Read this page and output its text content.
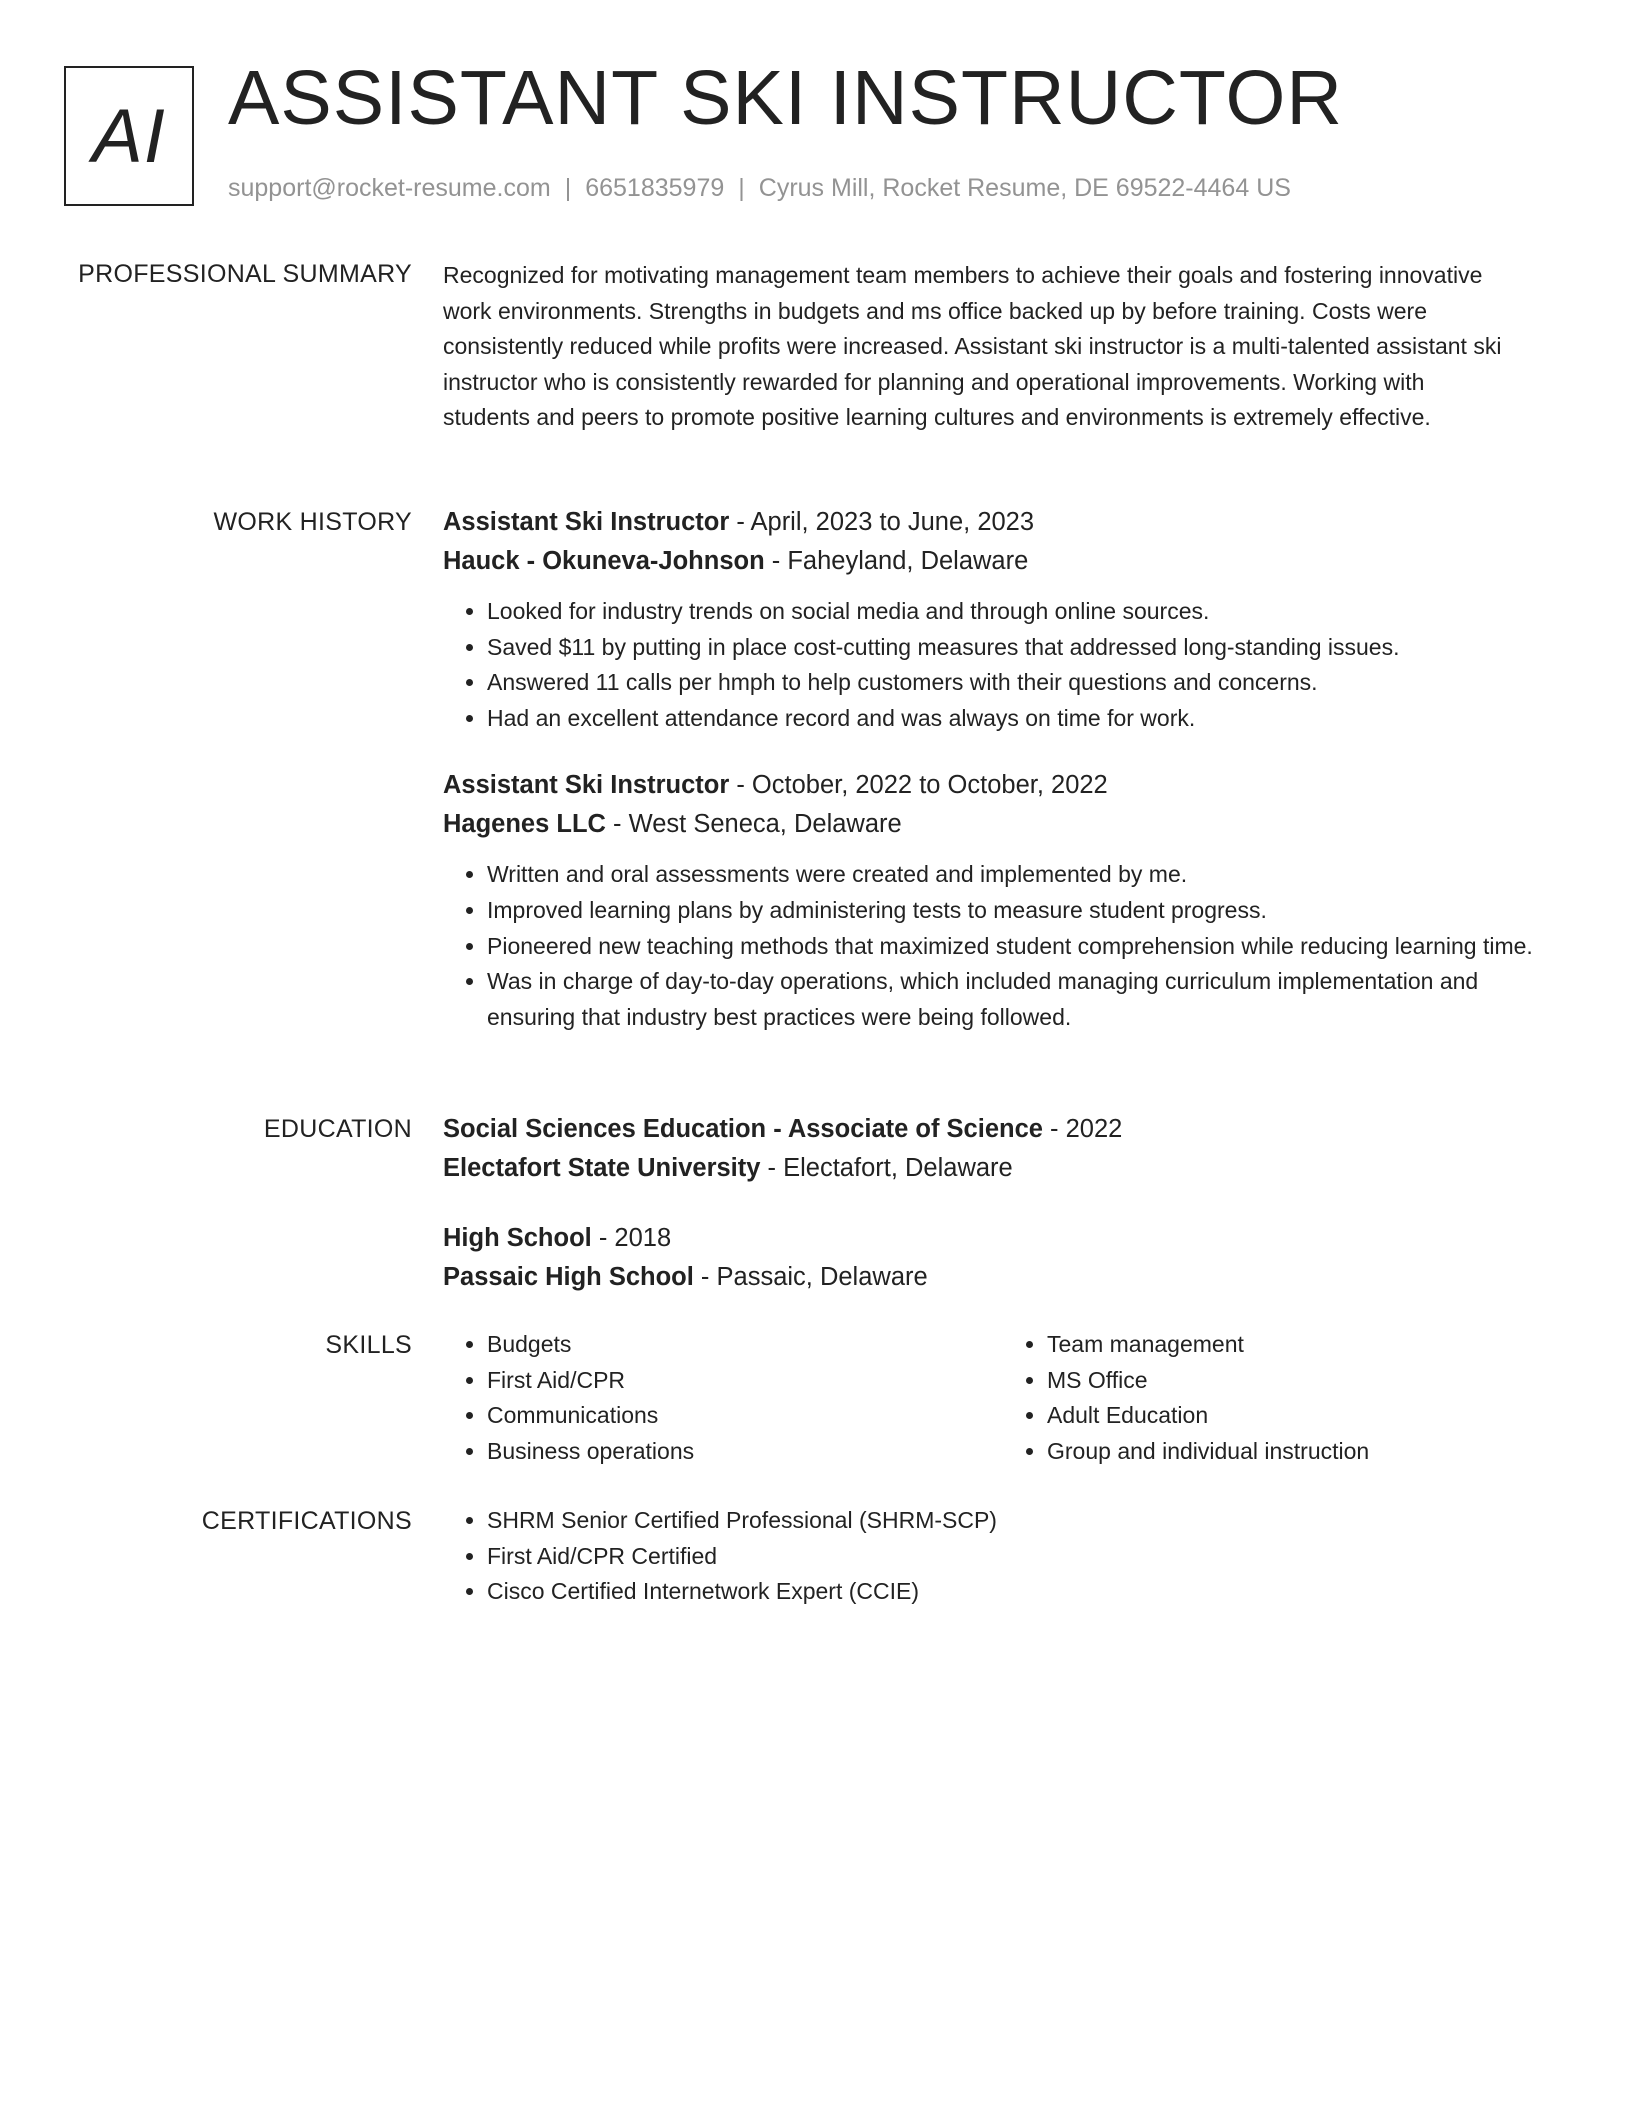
AI ASSISTANT SKI INSTRUCTOR
support@rocket-resume.com | 6651835979 | Cyrus Mill, Rocket Resume, DE 69522-4464 US
PROFESSIONAL SUMMARY Recognized for motivating management team members to achieve their goals and fostering innovative work environments. Strengths in budgets and ms office backed up by before training. Costs were consistently reduced while profits were increased. Assistant ski instructor is a multi-talented assistant ski instructor who is consistently rewarded for planning and operational improvements. Working with students and peers to promote positive learning cultures and environments is extremely effective.

WORK HISTORY Assistant Ski Instructor - April, 2023 to June, 2023
Hauck - Okuneva-Johnson - Faheyland, Delaware
• Looked for industry trends on social media and through online sources.
• Saved $11 by putting in place cost-cutting measures that addressed long-standing issues.
• Answered 11 calls per hmph to help customers with their questions and concerns.
• Had an excellent attendance record and was always on time for work.
Assistant Ski Instructor - October, 2022 to October, 2022
Hagenes LLC - West Seneca, Delaware
• Written and oral assessments were created and implemented by me.
• Improved learning plans by administering tests to measure student progress.
• Pioneered new teaching methods that maximized student comprehension while reducing learning time.
• Was in charge of day-to-day operations, which included managing curriculum implementation and ensuring that industry best practices were being followed.
EDUCATION Social Sciences Education - Associate of Science - 2022
Electafort State University - Electafort, Delaware
High School - 2018
Passaic High School - Passaic, Delaware
SKILLS	• Budgets
• First Aid/CPR
• Communications
• Business operations
• Team management
• MS Office
• Adult Education
• Group and individual instruction
CERTIFICATIONS	• SHRM Senior Certified Professional (SHRM-SCP)
• First Aid/CPR Certified
• Cisco Certified Internetwork Expert (CCIE)
